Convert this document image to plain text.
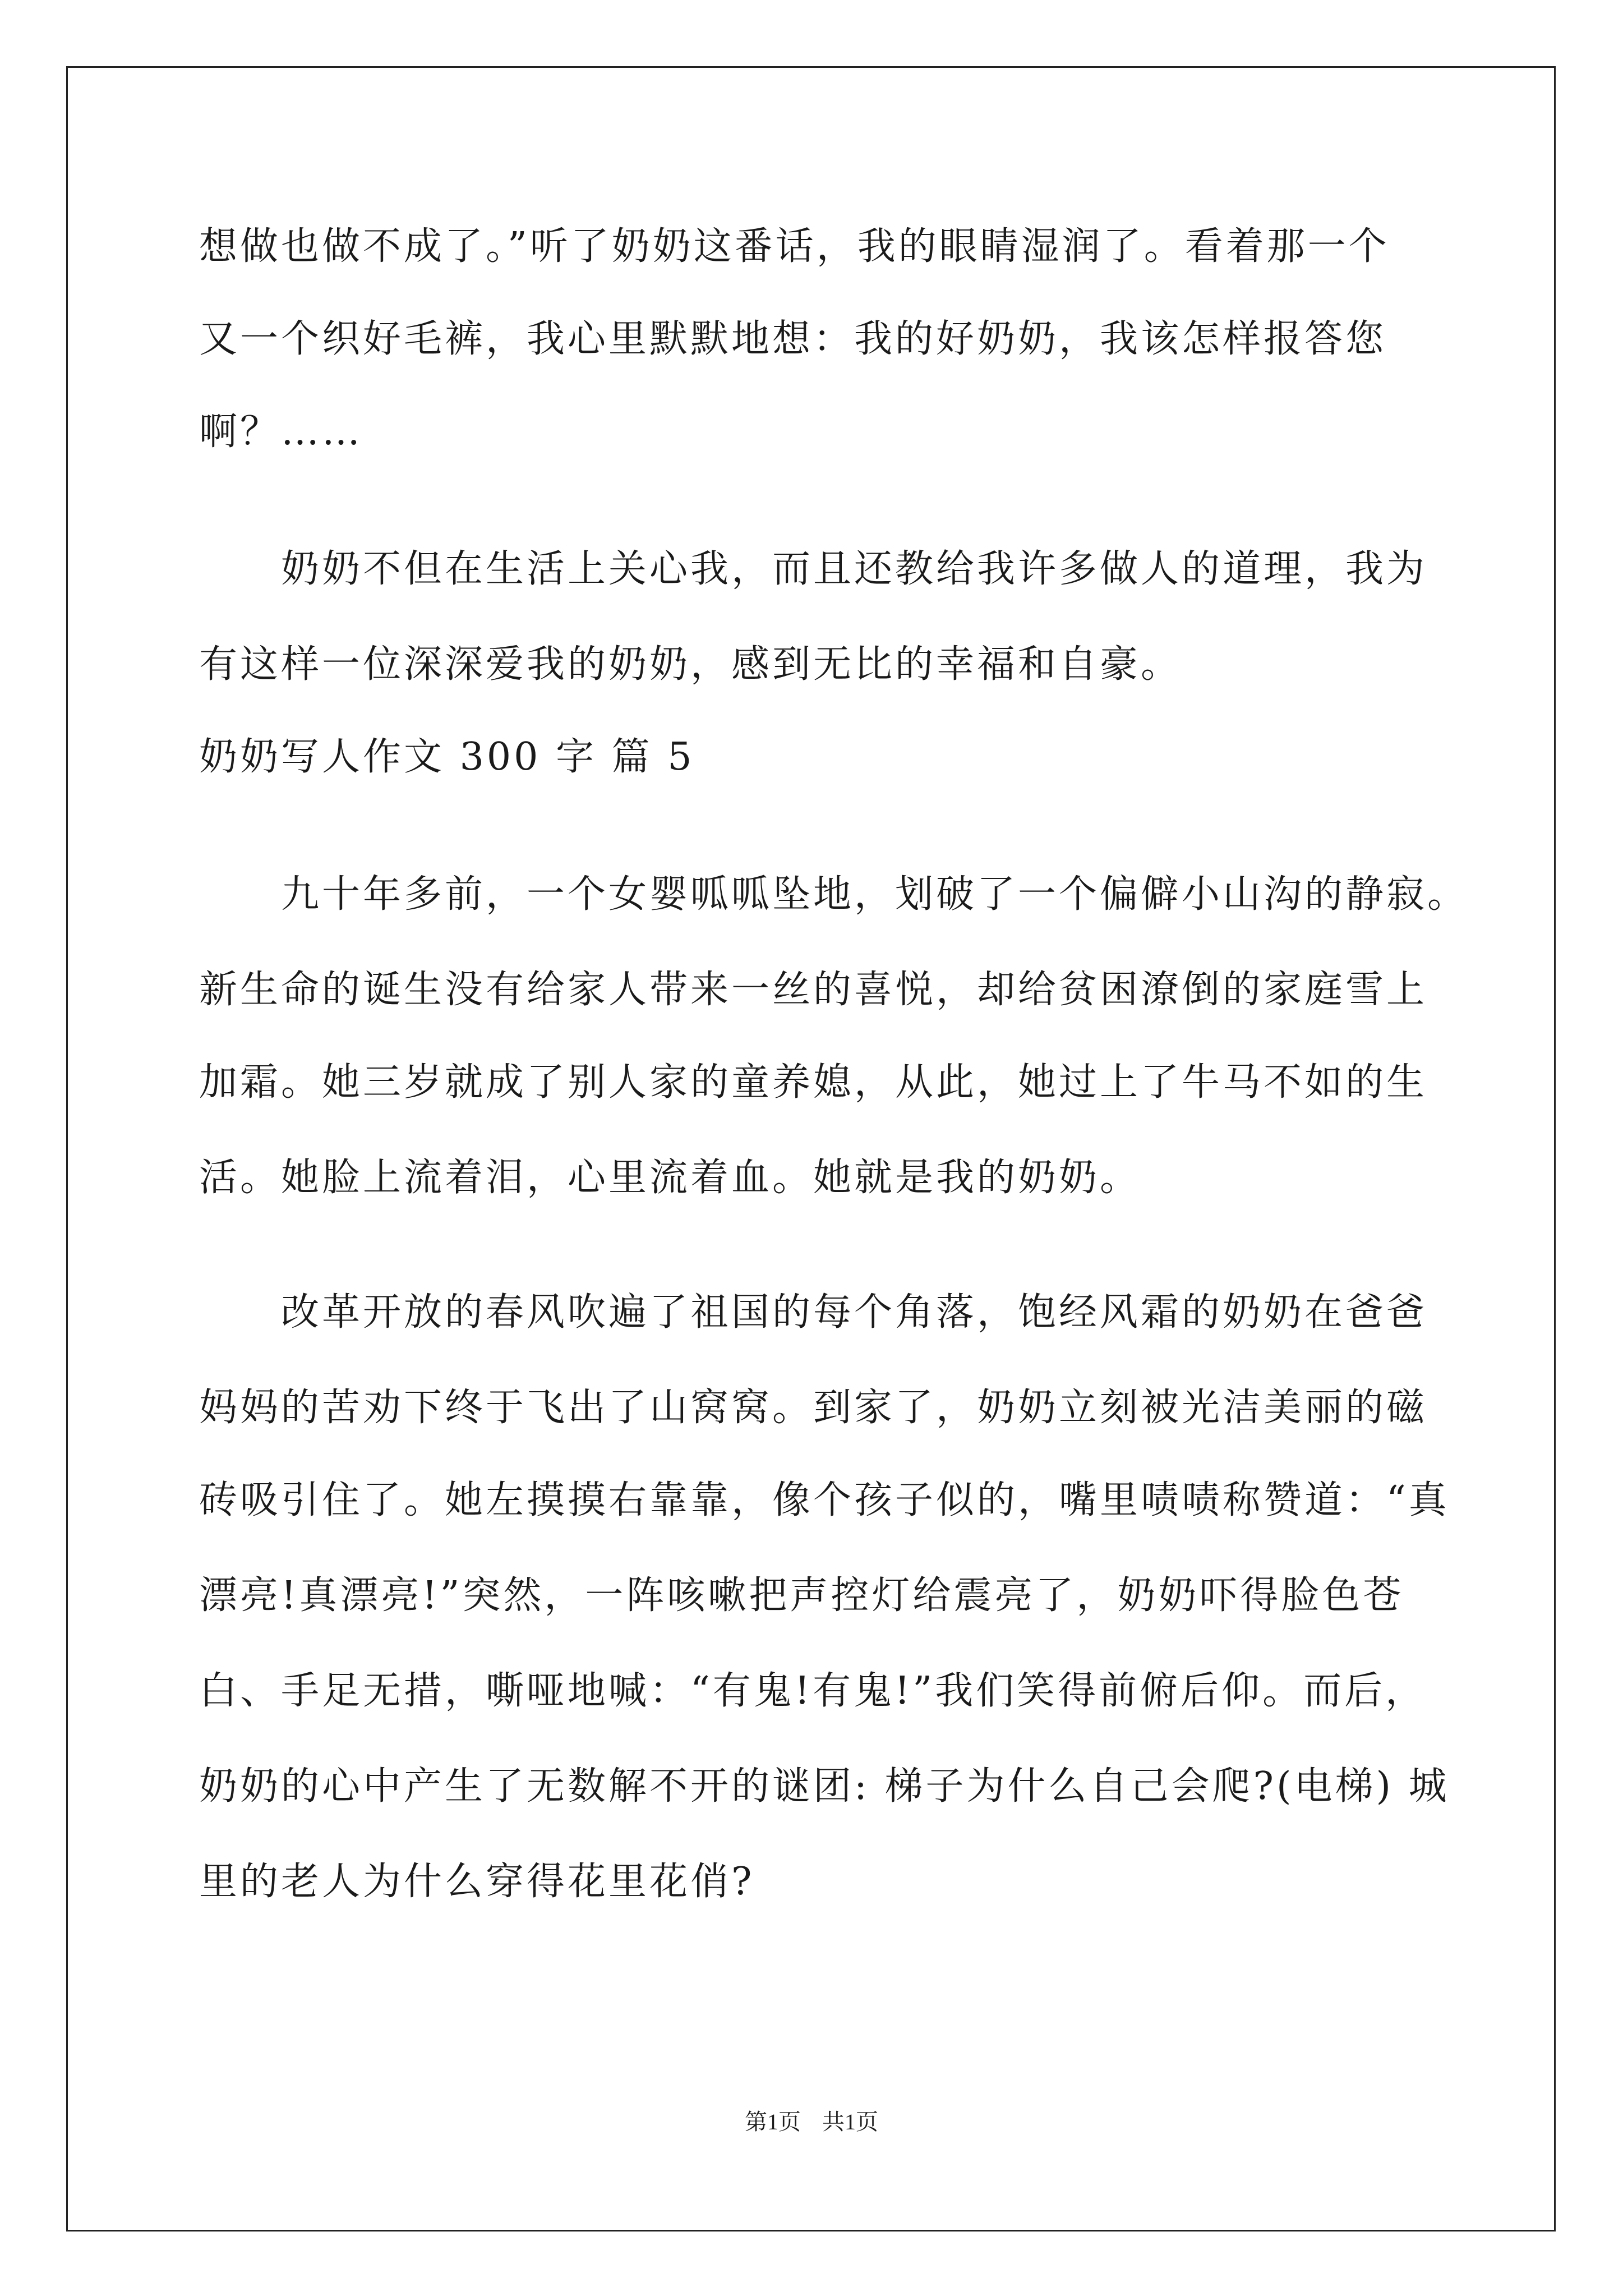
想做也做不成了。”听了奶奶这番话，我的眼睛湿润了。看着那一个
又一个织好毛裤，我心里默默地想：我的好奶奶，我该怎样报答您
啊？……
奶奶不但在生活上关心我，而且还教给我许多做人的道理，我为
有这样一位深深爱我的奶奶，感到无比的幸福和自豪。
奶奶写人作文 300 字 篇 5
九十年多前，一个女婴呱呱坠地，划破了一个偏僻小山沟的静寂。
新生命的诞生没有给家人带来一丝的喜悦，却给贫困潦倒的家庭雪上
加霜。她三岁就成了别人家的童养媳，从此，她过上了牛马不如的生
活。她脸上流着泪，心里流着血。她就是我的奶奶。
改革开放的春风吹遍了祖国的每个角落，饱经风霜的奶奶在爸爸
妈妈的苦劝下终于飞出了山窝窝。到家了，奶奶立刻被光洁美丽的磁
砖吸引住了。她左摸摸右靠靠，像个孩子似的，嘴里啧啧称赞道：“真
漂亮!真漂亮!”突然，一阵咳嗽把声控灯给震亮了，奶奶吓得脸色苍
白、手足无措，嘶哑地喊：“有鬼!有鬼!”我们笑得前俯后仰。而后，
奶奶的心中产生了无数解不开的谜团: 梯子为什么自己会爬?(电梯) 城
里的老人为什么穿得花里花俏?
第1页 共1页
